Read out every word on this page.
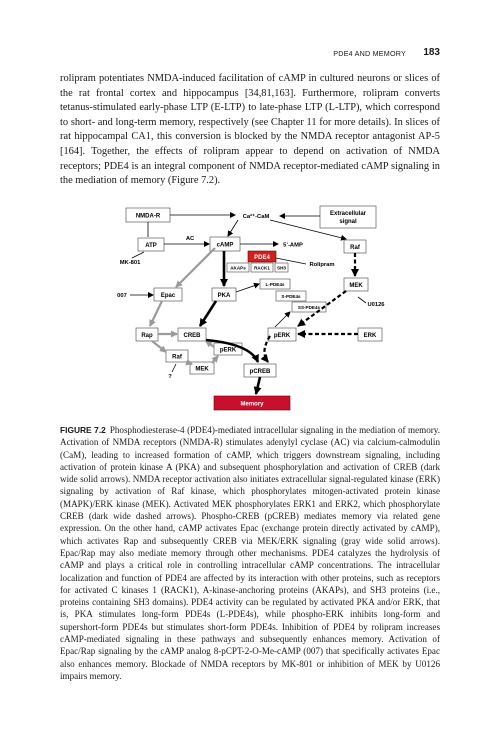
PDE4 AND MEMORY 183

rolipram potentiates NMDA-induced facilitation of cAMP in cultured neurons or slices of the rat frontal cortex and hippocampus [34,81,163]. Furthermore, rolipram converts tetanus-stimulated early-phase LTP (E-LTP) to late-phase LTP (L-LTP), which correspond to short- and long-term memory, respectively (see Chapter 11 for more details). In slices of rat hippocampal CA1, this conversion is blocked by the NMDA receptor antagonist AP-5 [164]. Together, the effects of rolipram appear to depend on activation of NMDA receptors; PDE4 is an integral component of NMDA receptor-mediated cAMP signaling in the mediation of memory (Figure 7.2).

NMDA-R	Ca²⁺-CaM	Extracellular
signal
AC
ATP	cAMP	5’-AMP	Raf
MK-801
PDE4
AKAPs RACK1 SH3	Rolipram
L-PDE4s
S-PDE4s
SS-PDE4s
MEK
U0126
007	Epac	PKA
Rap	CREB	pERK	ERK
pERK
Raf
MEK	pCREB
?
Memory

FIGURE 7.2 Phosphodiesterase-4 (PDE4)-mediated intracellular signaling in the mediation of memory. Activation of NMDA receptors (NMDA-R) stimulates adenylyl cyclase (AC) via calcium-calmodulin (CaM), leading to increased formation of cAMP, which triggers downstream signaling, including activation of protein kinase A (PKA) and subsequent phosphorylation and activation of CREB (dark wide solid arrows). NMDA receptor activation also initiates extracellular signal-regulated kinase (ERK) signaling by activation of Raf kinase, which phosphorylates mitogen-activated protein kinase (MAPK)/ERK kinase (MEK). Activated MEK phosphorylates ERK1 and ERK2, which phosphorylate CREB (dark wide dashed arrows). Phospho-CREB (pCREB) mediates memory via related gene expression. On the other hand, cAMP activates Epac (exchange protein directly activated by cAMP), which activates Rap and subsequently CREB via MEK/ERK signaling (gray wide solid arrows). Epac/Rap may also mediate memory through other mechanisms. PDE4 catalyzes the hydrolysis of cAMP and plays a critical role in controlling intracellular cAMP concentrations. The intracellular localization and function of PDE4 are affected by its interaction with other proteins, such as receptors for activated C kinases 1 (RACK1), A-kinase-anchoring proteins (AKAPs), and SH3 proteins (i.e., proteins containing SH3 domains). PDE4 activity can be regulated by activated PKA and/or ERK, that is, PKA stimulates long-form PDE4s (L-PDE4s), while phospho-ERK inhibits long-form and supershort-form PDE4s but stimulates short-form PDE4s. Inhibition of PDE4 by rolipram increases cAMP-mediated signaling in these pathways and subsequently enhances memory. Activation of Epac/Rap signaling by the cAMP analog 8-pCPT-2-O-Me-cAMP (007) that specifically activates Epac also enhances memory. Blockade of NMDA receptors by MK-801 or inhibition of MEK by U0126 impairs memory.
